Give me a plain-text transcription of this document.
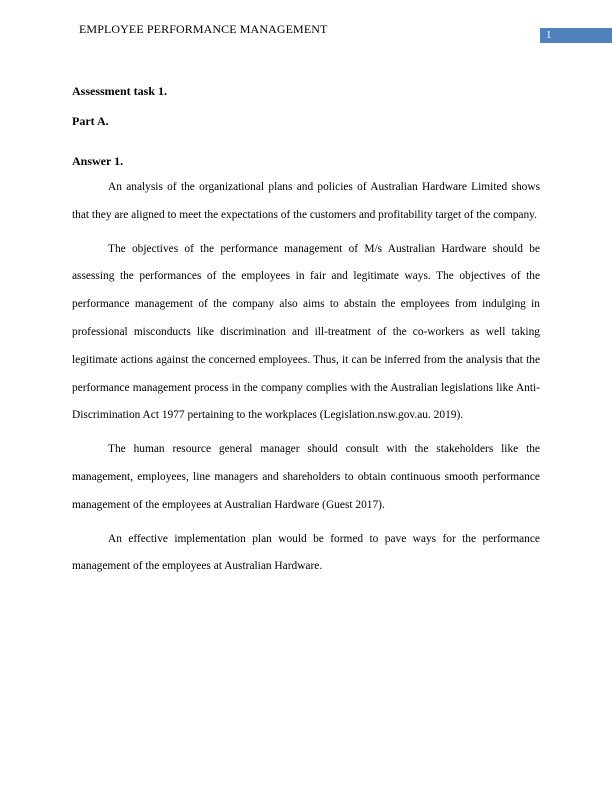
EMPLOYEE PERFORMANCE MANAGEMENT	1
Assessment task 1.
Part A.
Answer 1.

An analysis of the organizational plans and policies of Australian Hardware Limited shows that they are aligned to meet the expectations of the customers and profitability target of the company.

The objectives of the performance management of M/s Australian Hardware should be assessing the performances of the employees in fair and legitimate ways. The objectives of the performance management of the company also aims to abstain the employees from indulging in professional misconducts like discrimination and ill-treatment of the co-workers as well taking legitimate actions against the concerned employees. Thus, it can be inferred from the analysis that the performance management process in the company complies with the Australian legislations like Anti-Discrimination Act 1977 pertaining to the workplaces (Legislation.nsw.gov.au. 2019).

The human resource general manager should consult with the stakeholders like the management, employees, line managers and shareholders to obtain continuous smooth performance management of the employees at Australian Hardware (Guest 2017).

An effective implementation plan would be formed to pave ways for the performance management of the employees at Australian Hardware.
